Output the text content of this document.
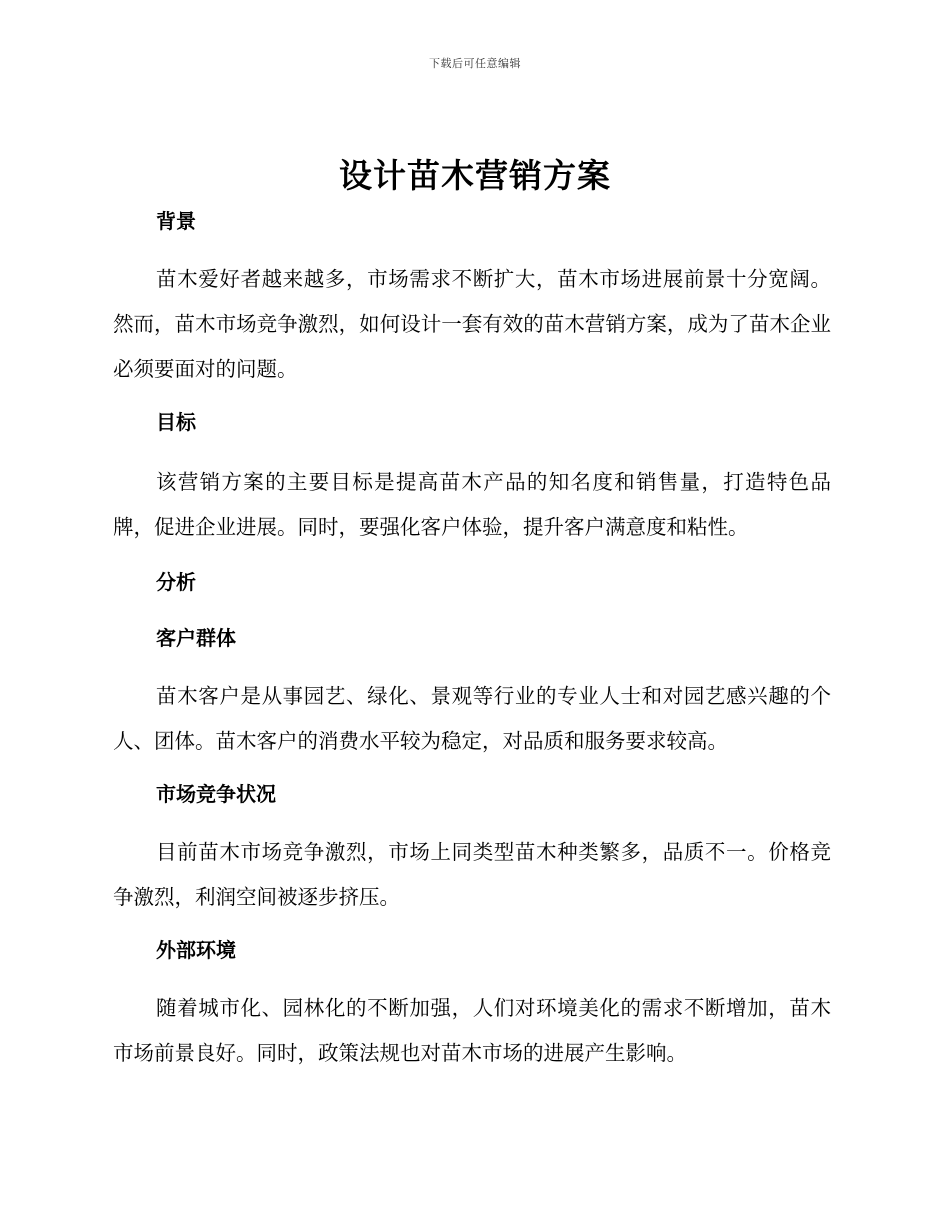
下载后可任意编辑
设计苗木营销方案
背景

苗木爱好者越来越多，市场需求不断扩大，苗木市场进展前景十分宽阔。然而，苗木市场竞争激烈，如何设计一套有效的苗木营销方案，成为了苗木企业必须要面对的问题。

目标

该营销方案的主要目标是提高苗木产品的知名度和销售量，打造特色品牌，促进企业进展。同时，要强化客户体验，提升客户满意度和粘性。

分析
客户群体

苗木客户是从事园艺、绿化、景观等行业的专业人士和对园艺感兴趣的个人、团体。苗木客户的消费水平较为稳定，对品质和服务要求较高。

市场竞争状况

目前苗木市场竞争激烈，市场上同类型苗木种类繁多，品质不一。价格竞争激烈，利润空间被逐步挤压。

外部环境

随着城市化、园林化的不断加强，人们对环境美化的需求不断增加，苗木市场前景良好。同时，政策法规也对苗木市场的进展产生影响。
